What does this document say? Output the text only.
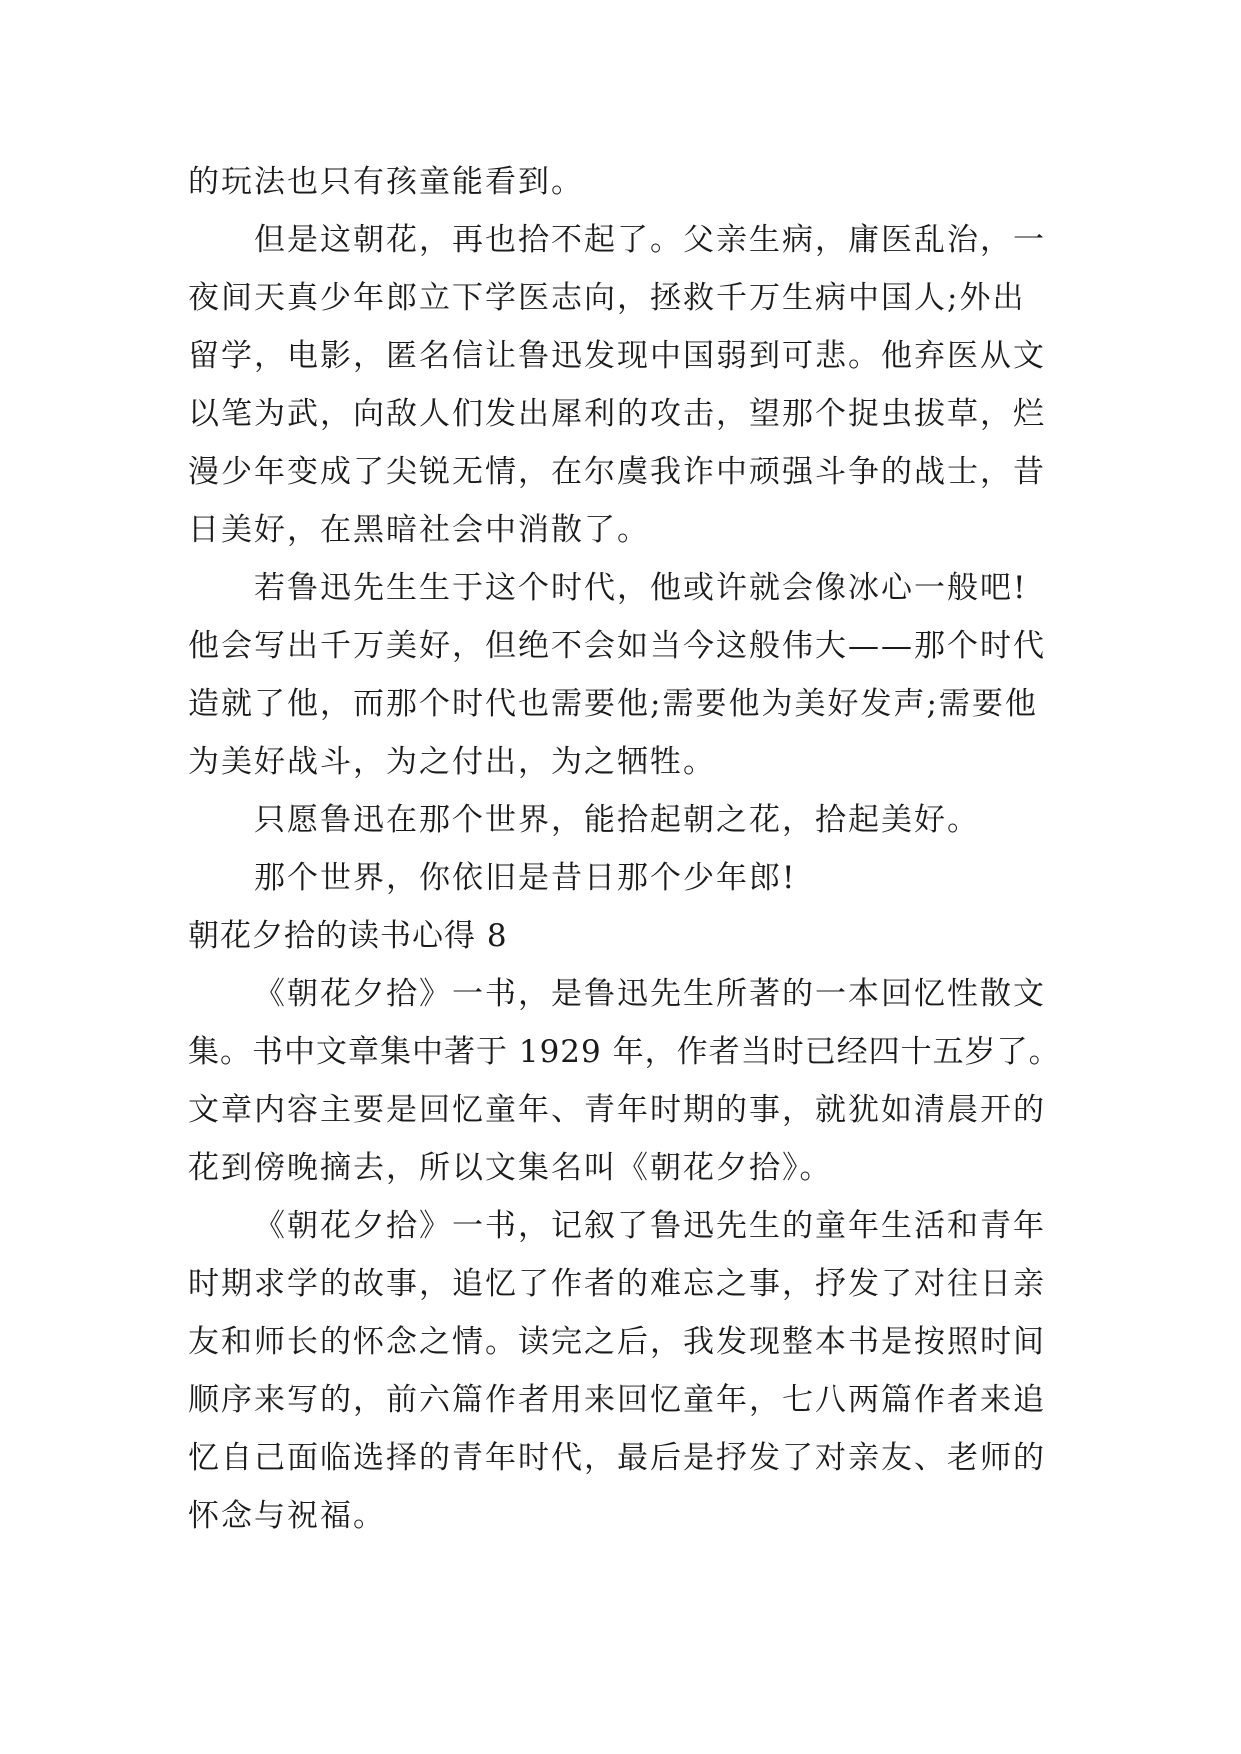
的玩法也只有孩童能看到。
但是这朝花，再也拾不起了。父亲生病，庸医乱治，一
夜间天真少年郎立下学医志向，拯救千万生病中国人;外出
留学，电影，匿名信让鲁迅发现中国弱到可悲。他弃医从文
以笔为武，向敌人们发出犀利的攻击，望那个捉虫拔草，烂
漫少年变成了尖锐无情，在尔虞我诈中顽强斗争的战士，昔
日美好，在黑暗社会中消散了。
若鲁迅先生生于这个时代，他或许就会像冰心一般吧!
他会写出千万美好，但绝不会如当今这般伟大——那个时代
造就了他，而那个时代也需要他;需要他为美好发声;需要他
为美好战斗，为之付出，为之牺牲。
只愿鲁迅在那个世界，能拾起朝之花，拾起美好。
那个世界，你依旧是昔日那个少年郎!
朝花夕拾的读书心得 8
《朝花夕拾》一书，是鲁迅先生所著的一本回忆性散文
集。书中文章集中著于 1929 年，作者当时已经四十五岁了。
文章内容主要是回忆童年、青年时期的事，就犹如清晨开的
花到傍晚摘去，所以文集名叫《朝花夕拾》。
《朝花夕拾》一书，记叙了鲁迅先生的童年生活和青年
时期求学的故事，追忆了作者的难忘之事，抒发了对往日亲
友和师长的怀念之情。读完之后，我发现整本书是按照时间
顺序来写的，前六篇作者用来回忆童年，七八两篇作者来追
忆自己面临选择的青年时代，最后是抒发了对亲友、老师的
怀念与祝福。
